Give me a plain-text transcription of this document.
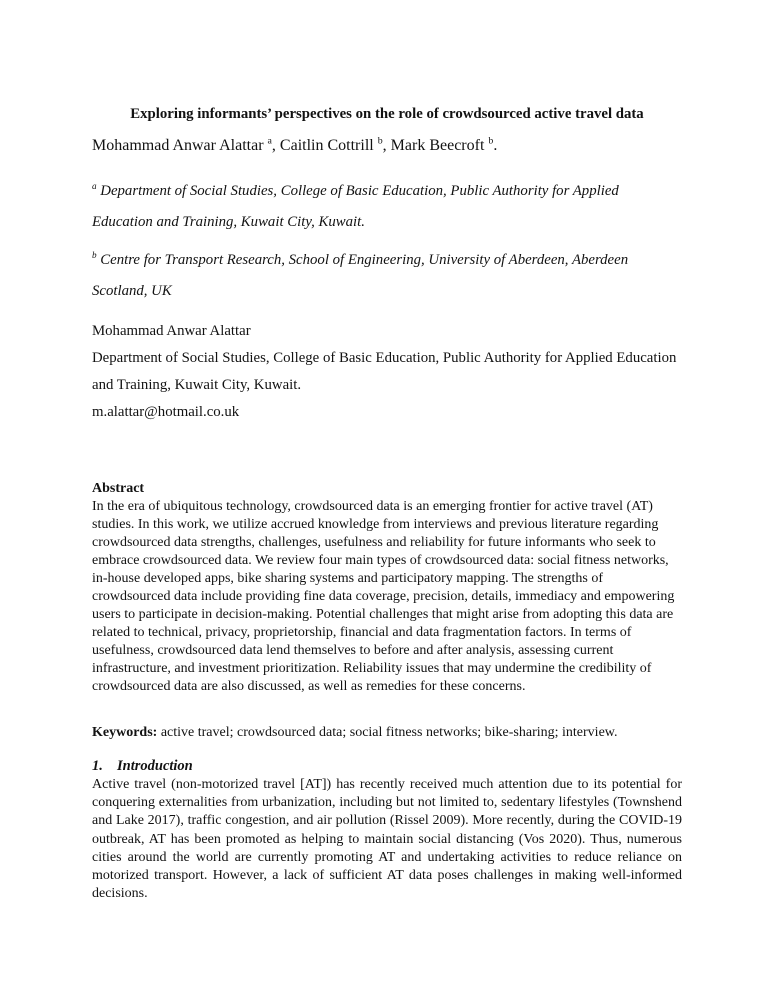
Exploring informants’ perspectives on the role of crowdsourced active travel data
Mohammad Anwar Alattar $^a$, Caitlin Cottrill $^b$, Mark Beecroft $^b$.
$^a$ Department of Social Studies, College of Basic Education, Public Authority for Applied Education and Training, Kuwait City, Kuwait.
$^b$ Centre for Transport Research, School of Engineering, University of Aberdeen, Aberdeen Scotland, UK
Mohammad Anwar Alattar
Department of Social Studies, College of Basic Education, Public Authority for Applied Education and Training, Kuwait City, Kuwait.
m.alattar@hotmail.co.uk
Abstract
In the era of ubiquitous technology, crowdsourced data is an emerging frontier for active travel (AT) studies. In this work, we utilize accrued knowledge from interviews and previous literature regarding crowdsourced data strengths, challenges, usefulness and reliability for future informants who seek to embrace crowdsourced data. We review four main types of crowdsourced data: social fitness networks, in-house developed apps, bike sharing systems and participatory mapping. The strengths of crowdsourced data include providing fine data coverage, precision, details, immediacy and empowering users to participate in decision-making. Potential challenges that might arise from adopting this data are related to technical, privacy, proprietorship, financial and data fragmentation factors. In terms of usefulness, crowdsourced data lend themselves to before and after analysis, assessing current infrastructure, and investment prioritization. Reliability issues that may undermine the credibility of crowdsourced data are also discussed, as well as remedies for these concerns.
Keywords: active travel; crowdsourced data; social fitness networks; bike-sharing; interview.
1. Introduction
Active travel (non-motorized travel [AT]) has recently received much attention due to its potential for conquering externalities from urbanization, including but not limited to, sedentary lifestyles (Townshend and Lake 2017), traffic congestion, and air pollution (Rissel 2009). More recently, during the COVID-19 outbreak, AT has been promoted as helping to maintain social distancing (Vos 2020). Thus, numerous cities around the world are currently promoting AT and undertaking activities to reduce reliance on motorized transport. However, a lack of sufficient AT data poses challenges in making well-informed decisions.
